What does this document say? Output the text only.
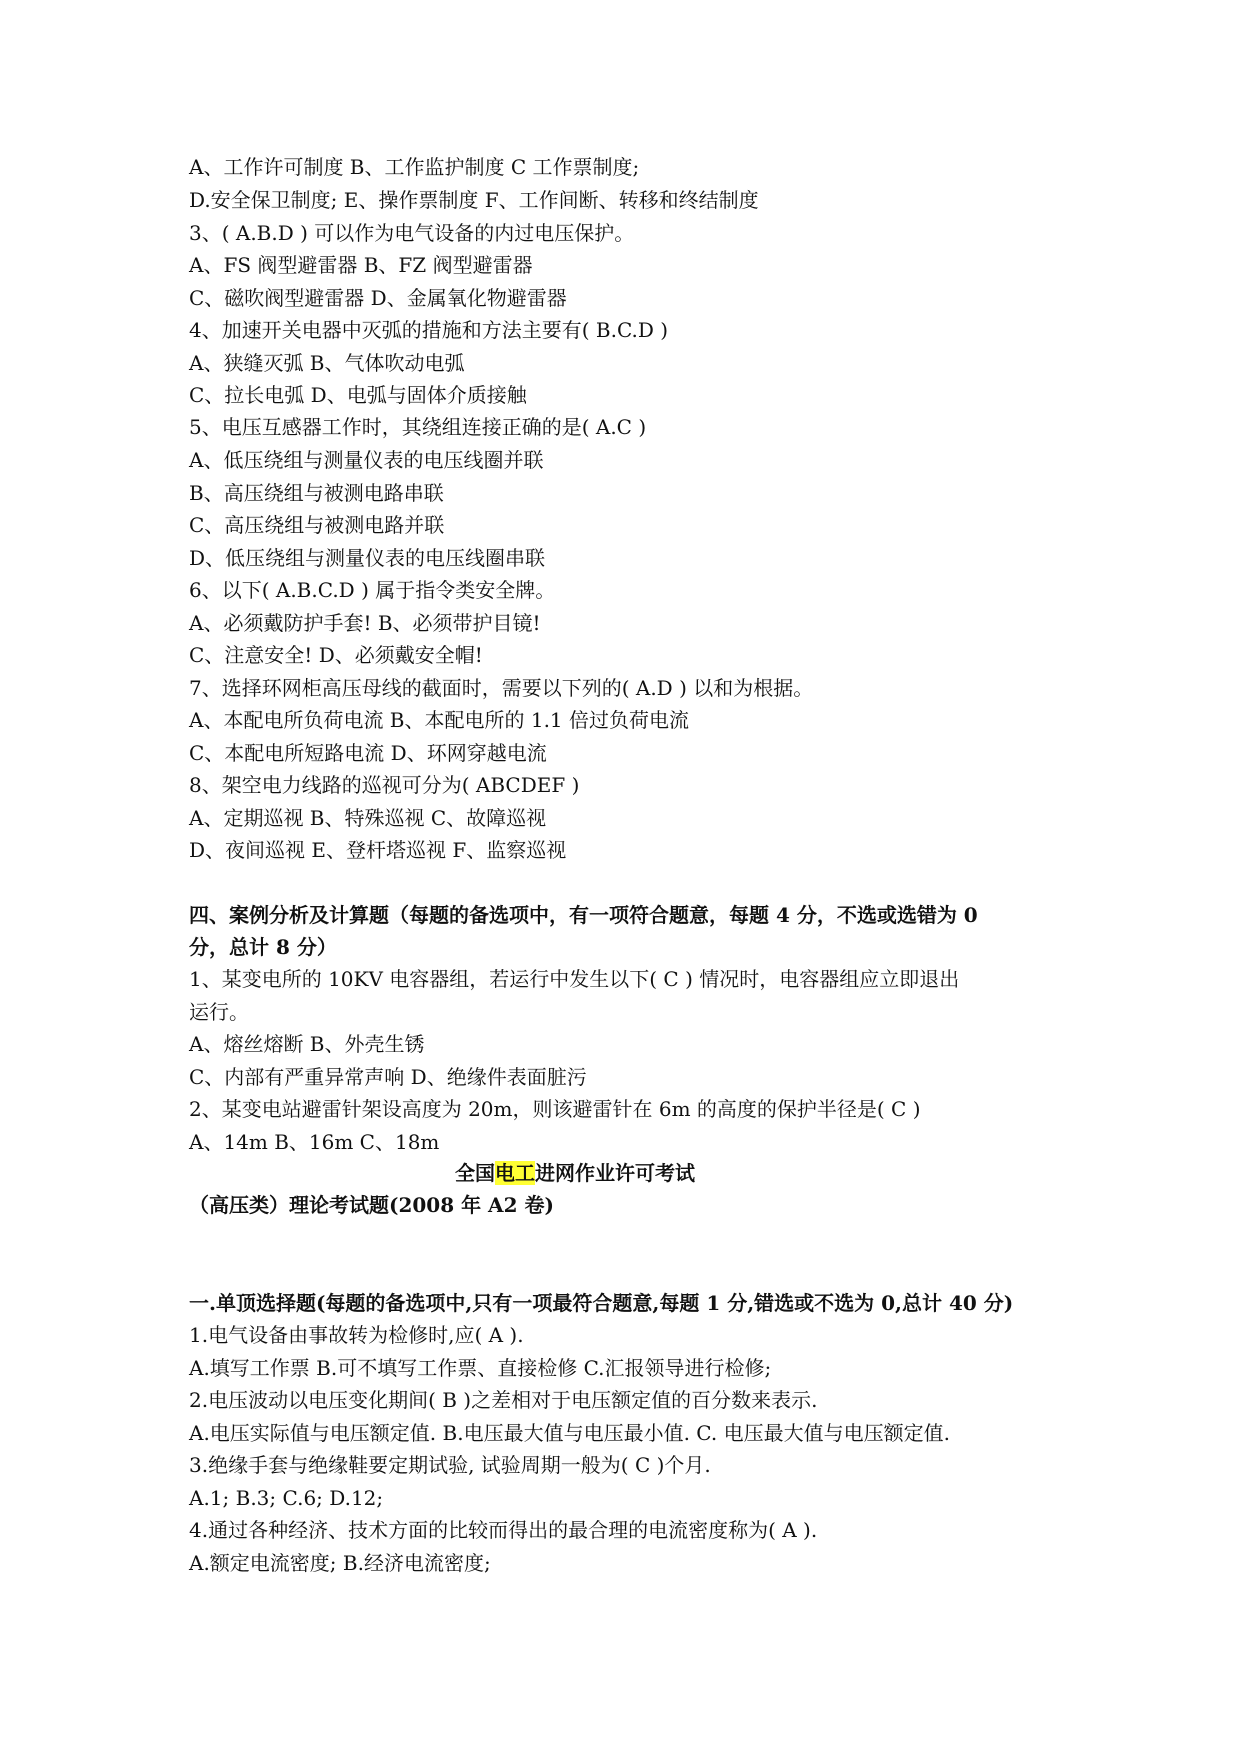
A、工作许可制度 B、工作监护制度 C 工作票制度;
D.安全保卫制度; E、操作票制度 F、工作间断、转移和终结制度
3、( A.B.D ) 可以作为电气设备的内过电压保护。
A、FS 阀型避雷器 B、FZ 阀型避雷器
C、磁吹阀型避雷器 D、金属氧化物避雷器
4、加速开关电器中灭弧的措施和方法主要有( B.C.D )
A、狭缝灭弧 B、气体吹动电弧
C、拉长电弧 D、电弧与固体介质接触
5、电压互感器工作时，其绕组连接正确的是( A.C )
A、低压绕组与测量仪表的电压线圈并联
B、高压绕组与被测电路串联
C、高压绕组与被测电路并联
D、低压绕组与测量仪表的电压线圈串联
6、以下( A.B.C.D ) 属于指令类安全牌。
A、必须戴防护手套! B、必须带护目镜!
C、注意安全! D、必须戴安全帽!
7、选择环网柜高压母线的截面时，需要以下列的( A.D ) 以和为根据。
A、本配电所负荷电流 B、本配电所的 1.1 倍过负荷电流
C、本配电所短路电流 D、环网穿越电流
8、架空电力线路的巡视可分为( ABCDEF )
A、定期巡视 B、特殊巡视 C、故障巡视
D、夜间巡视 E、登杆塔巡视 F、监察巡视
四、案例分析及计算题（每题的备选项中，有一项符合题意，每题 4 分，不选或选错为 0
分，总计 8 分）
1、某变电所的 10KV 电容器组，若运行中发生以下( C ) 情况时，电容器组应立即退出
运行。
A、熔丝熔断 B、外壳生锈
C、内部有严重异常声响 D、绝缘件表面脏污
2、某变电站避雷针架设高度为 20m，则该避雷针在 6m 的高度的保护半径是( C )
A、14m B、16m C、18m
全国电工进网作业许可考试
（高压类）理论考试题(2008 年 A2 卷)
一.单顶选择题(每题的备选项中,只有一项最符合题意,每题 1 分,错选或不选为 0,总计 40 分)
1.电气设备由事故转为检修时,应( A ).
A.填写工作票 B.可不填写工作票、直接检修 C.汇报领导进行检修;
2.电压波动以电压变化期间( B )之差相对于电压额定值的百分数来表示.
A.电压实际值与电压额定值. B.电压最大值与电压最小值. C. 电压最大值与电压额定值.
3.绝缘手套与绝缘鞋要定期试验, 试验周期一般为( C )个月.
A.1; B.3; C.6; D.12;
4.通过各种经济、技术方面的比较而得出的最合理的电流密度称为( A ).
A.额定电流密度; B.经济电流密度;
